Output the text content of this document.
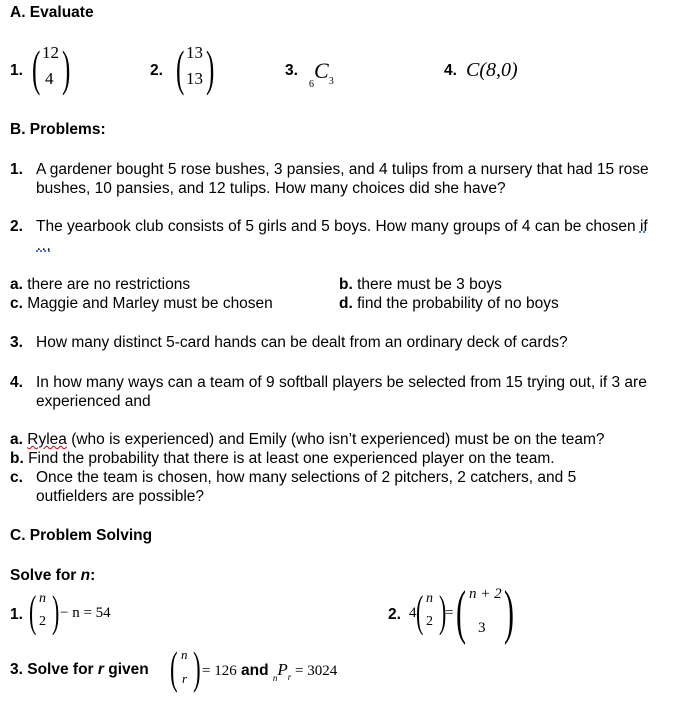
A. Evaluate
1. ( 12
4 )	2. ( 13
13 )	3.
$_6C_3$
4. C(8,0)
B. Problems:
1. A gardener bought 5 rose bushes, 3 pansies, and 4 tulips from a nursery that had 15 rose bushes, 10 pansies, and 12 tulips. How many choices did she have?
2. The yearbook club consists of 5 girls and 5 boys. How many groups of 4 can be chosen if …
a. there are no restrictions	b. there must be 3 boys
c. Maggie and Marley must be chosen	d. find the probability of no boys
3. How many distinct 5-card hands can be dealt from an ordinary deck of cards?
4. In how many ways can a team of 9 softball players be selected from 15 trying out, if 3 are experienced and
a. Rylea (who is experienced) and Emily (who isn’t experienced) must be on the team?
b. Find the probability that there is at least one experienced player on the team.
c. Once the team is chosen, how many selections of 2 pitchers, 2 catchers, and 5 outfielders are possible?
C. Problem Solving
Solve for n:
1. ( n
2 ) − n = 54	2. 4 ( n
2 )
= ( n + 2
3 )
3. Solve for r given ( n
r ) = 126 and $_nP_r = 3024$
